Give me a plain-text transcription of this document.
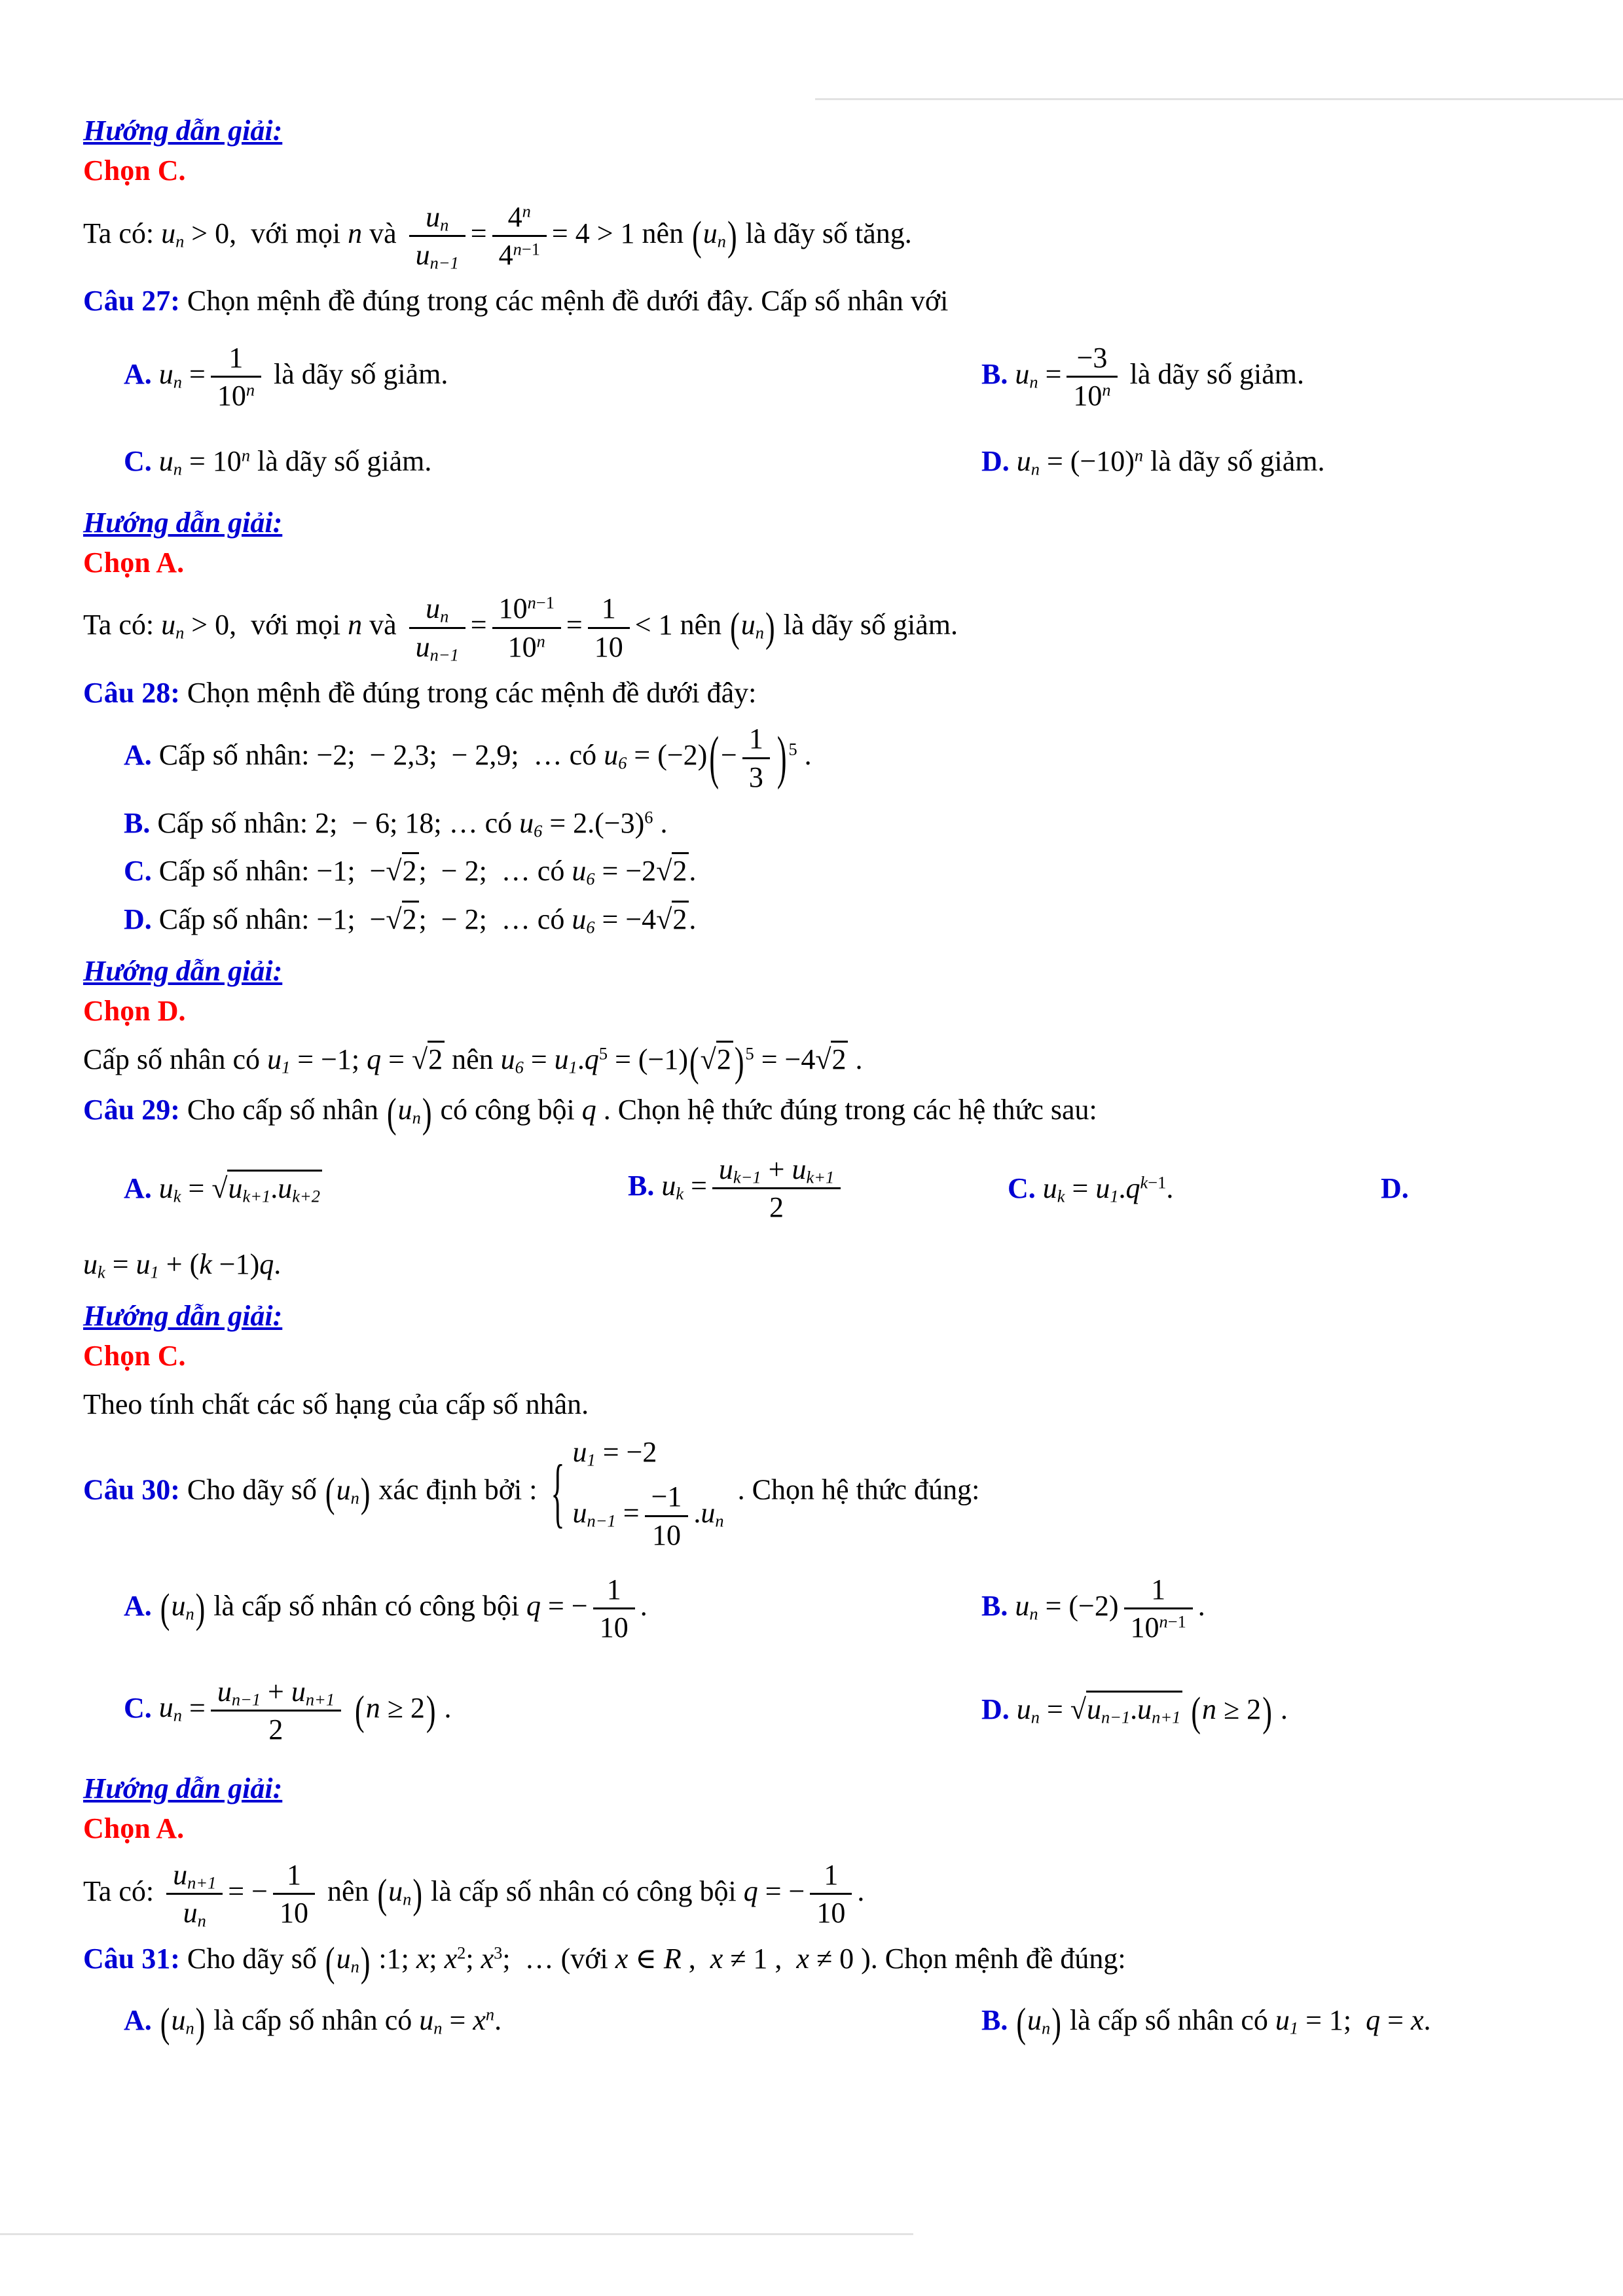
Hướng dẫn giải:

Chọn C.

Ta có: $u_n > 0$,  với mọi n và $\frac{u_n}{u_{n-1}} = \frac{4^n}{4^{n-1}} = 4 > 1$ nên $(u_n)$ là dãy số tăng.

Câu 27: Chọn mệnh đề đúng trong các mệnh đề dưới đây. Cấp số nhân với

A. $u_n = \frac{1}{10^n}$ là dãy số giảm.	B. $u_n = \frac{-3}{10^n}$ là dãy số giảm.
C. $u_n = 10^n$ là dãy số giảm.	D. $u_n = (-10)^n$ là dãy số giảm.

Hướng dẫn giải:

Chọn A.

Ta có: $u_n > 0$,  với mọi n và $\frac{u_n}{u_{n-1}} = \frac{10^{n-1}}{10^n} = \frac{1}{10} < 1$ nên $(u_n)$ là dãy số giảm.

Câu 28: Chọn mệnh đề đúng trong các mệnh đề dưới đây:

A. Cấp số nhân: −2;  − 2,3;  − 2,9;  … có $u_6 = (-2)(- \frac{1}{3}$ ) $^5$ .
B. Cấp số nhân: 2;  − 6; 18; … có $u_6 = 2.(-3)^6$ .
C. Cấp số nhân: −1;  −√2;  − 2;  … có $u_6 = -2√2$.
D. Cấp số nhân: −1;  −√2;  − 2;  … có $u_6 = -4√2$.

Hướng dẫn giải:

Chọn D.

Cấp số nhân có $u_1 = -1$; q = √2 nên $u_6 = u_1.q^5 = (-1)(√2$ )$^5$ = −4√2 .

Câu 29: Cho cấp số nhân $(u_n)$ có công bội q . Chọn hệ thức đúng trong các hệ thức sau:

A. $u_k = √u_{k+1}.u_{k+2}$	B. $u_k = \frac{u_{k-1} + u_{k+1}}{2}$	C. $u_k = u_1.q^{k-1}$.	D.

$u_k = u_1 + (k -1)q$.

Hướng dẫn giải:

Chọn C.

Theo tính chất các số hạng của cấp số nhân.

Câu 30: Cho dãy số $(u_n)$ xác định bởi : { $u_1 = -2$
$u_{n-1} = \frac{-1}{10} .u_n$
. Chọn hệ thức đúng:

A. $(u_n)$ là cấp số nhân có công bội q = − $\frac{1}{10}$ .	B. $u_n = (-2) \frac{1}{10^{n-1}}$ .
C. $u_n = \frac{u_{n-1} + u_{n+1}}{2} (n \ge 2)$ .	D. $u_n = √u_{n-1}.u_{n+1}$ (n ≥ 2) .

Hướng dẫn giải:

Chọn A.

Ta có: $\frac{u_{n+1}}{u_n}$ = − $\frac{1}{10}$ nên $(u_n)$ là cấp số nhân có công bội q = − $\frac{1}{10}$ .

Câu 31: Cho dãy số $(u_n)$ :1; x; $x^2$; $x^3$;  … (với x ∈ R ,  x ≠ 1 ,  x ≠ 0 ). Chọn mệnh đề đúng:

A. $(u_n)$ là cấp số nhân có $u_n = x^n$.	B. $(u_n)$ là cấp số nhân có $u_1 = 1$;  q = x.
